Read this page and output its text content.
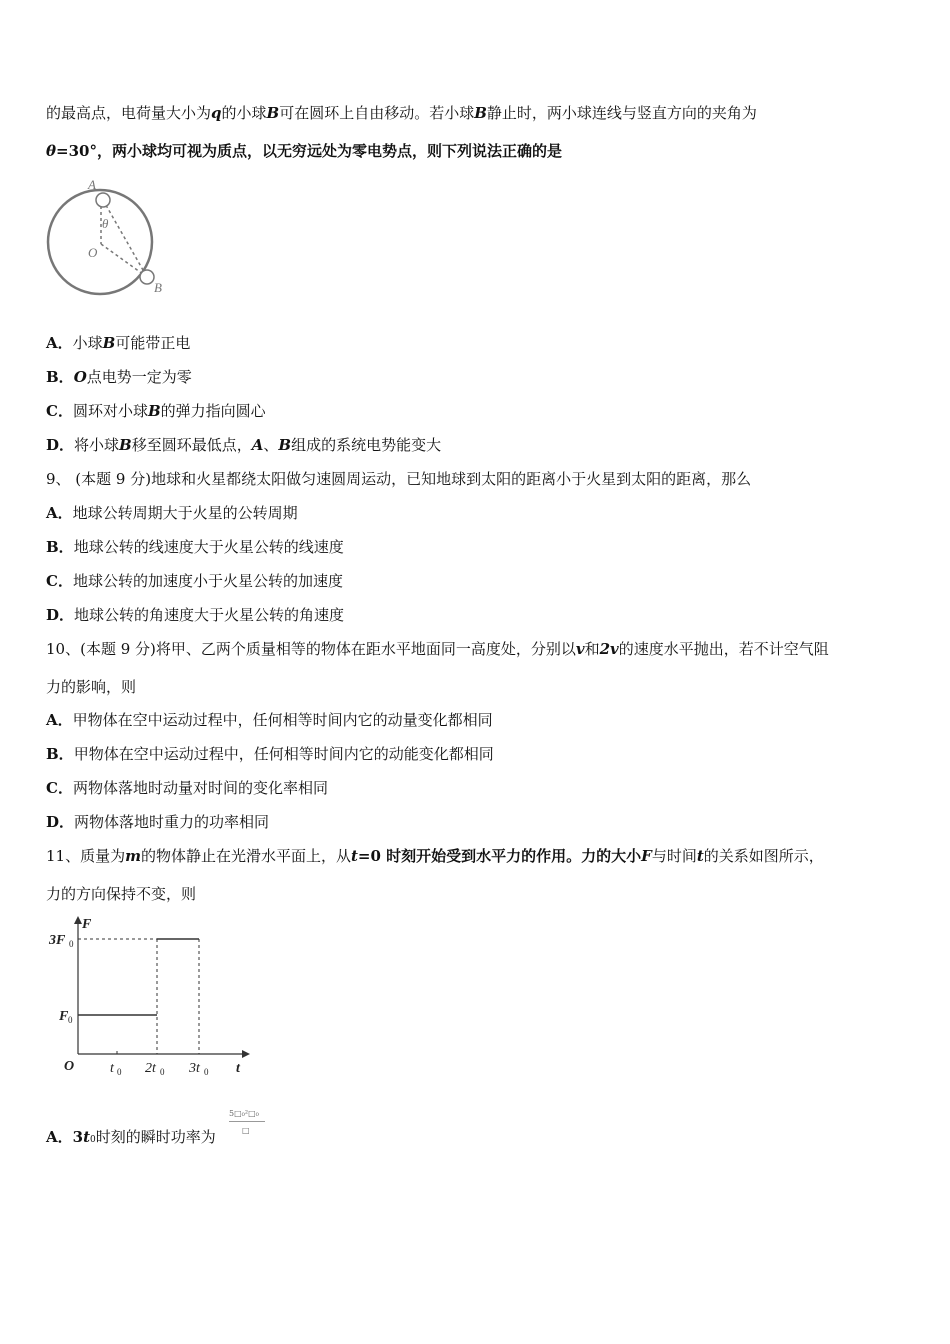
的最高点，电荷量大小为q的小球B可在圆环上自由移动。若小球B静止时，两小球连线与竖直方向的夹角为
θ=30°，两小球均可视为质点，以无穷远处为零电势点，则下列说法正确的是
A
O
B
θ
A．小球B可能带正电
B．O点电势一定为零
C．圆环对小球B的弹力指向圆心
D．将小球B移至圆环最低点，A、B组成的系统电势能变大
9、 (本题 9 分)地球和火星都绕太阳做匀速圆周运动，已知地球到太阳的距离小于火星到太阳的距离，那么
A．地球公转周期大于火星的公转周期
B．地球公转的线速度大于火星公转的线速度
C．地球公转的加速度小于火星公转的加速度
D．地球公转的角速度大于火星公转的角速度
10、(本题 9 分)将甲、乙两个质量相等的物体在距水平地面同一高度处，分别以v和2v的速度水平抛出，若不计空气阻
力的影响，则
A．甲物体在空中运动过程中，任何相等时间内它的动量变化都相同
B．甲物体在空中运动过程中，任何相等时间内它的动能变化都相同
C．两物体落地时动量对时间的变化率相同
D．两物体落地时重力的功率相同
11、质量为m的物体静止在光滑水平面上，从t=0 时刻开始受到水平力的作用。力的大小F与时间t的关系如图所示，
力的方向保持不变，则
F
3F 0
F 0
O	t 0 2t 0 3t 0 t
A．3t0时刻的瞬时功率为
5□₀²□₀
□
